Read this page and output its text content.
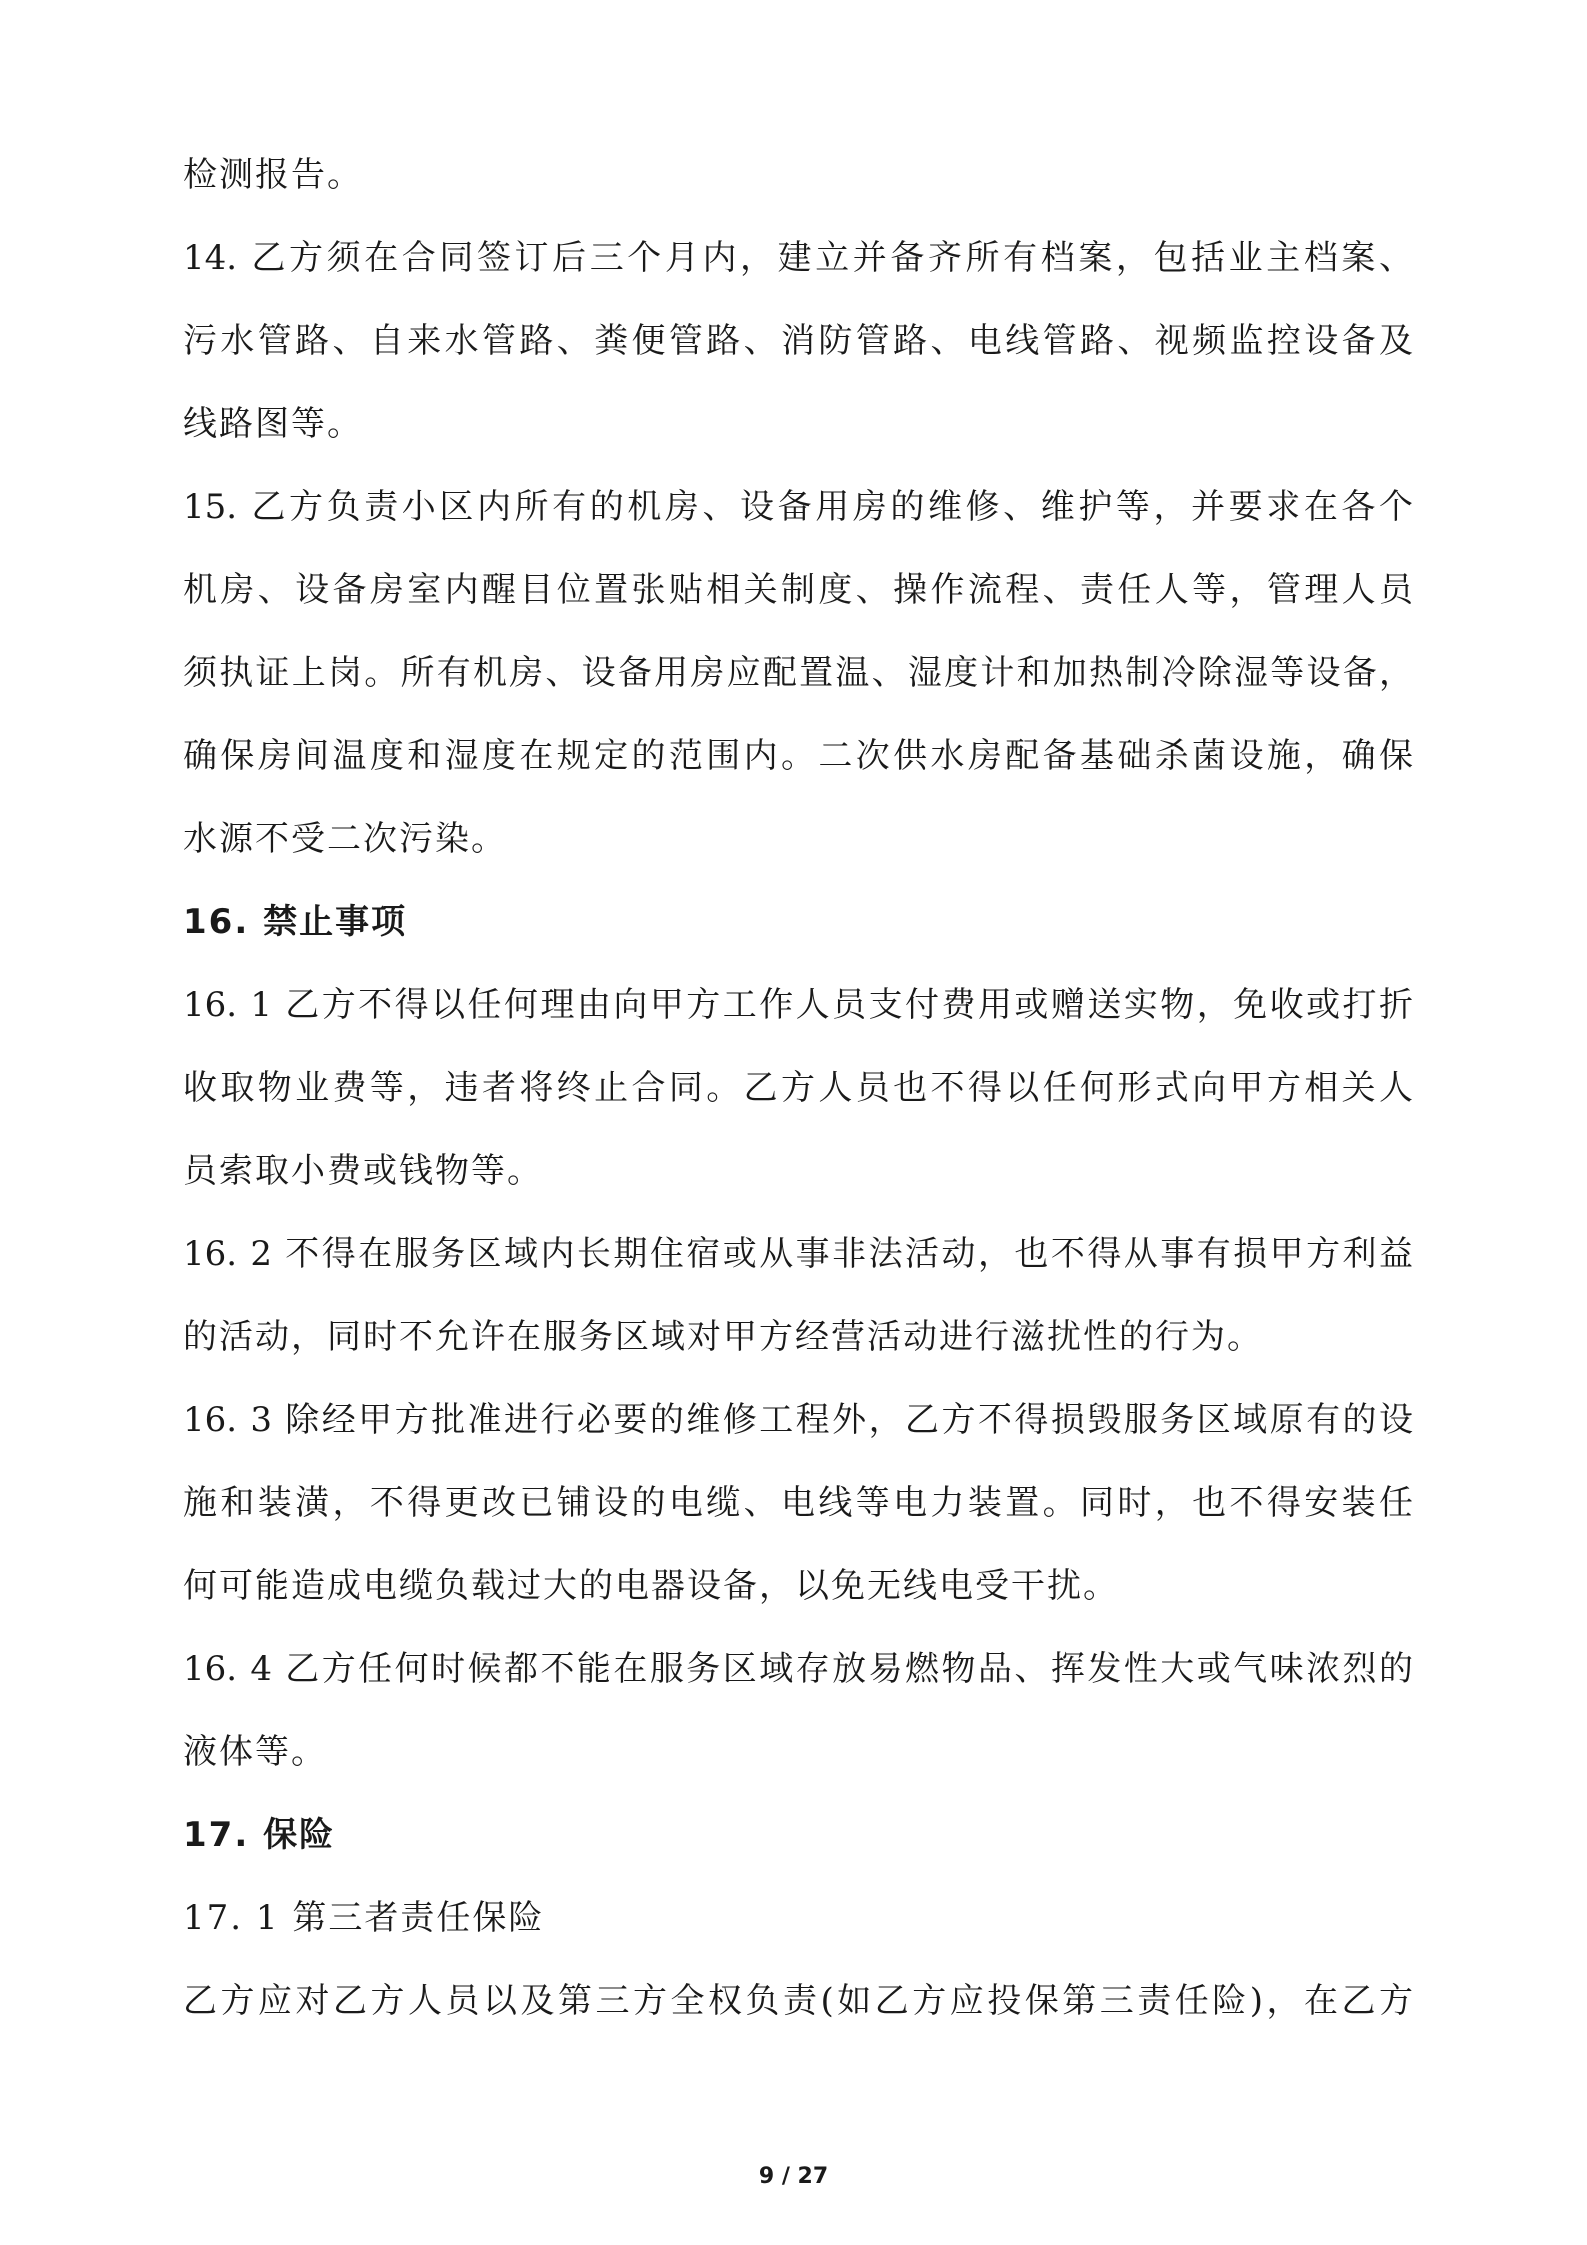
检测报告。
14. 乙方须在合同签订后三个月内，建立并备齐所有档案，包括业主档案、
污水管路、自来水管路、粪便管路、消防管路、电线管路、视频监控设备及
线路图等。
15. 乙方负责小区内所有的机房、设备用房的维修、维护等，并要求在各个
机房、设备房室内醒目位置张贴相关制度、操作流程、责任人等，管理人员
须执证上岗。所有机房、设备用房应配置温、湿度计和加热制冷除湿等设备，
确保房间温度和湿度在规定的范围内。二次供水房配备基础杀菌设施，确保
水源不受二次污染。
16. 禁止事项
16. 1 乙方不得以任何理由向甲方工作人员支付费用或赠送实物，免收或打折
收取物业费等，违者将终止合同。乙方人员也不得以任何形式向甲方相关人
员索取小费或钱物等。
16. 2 不得在服务区域内长期住宿或从事非法活动，也不得从事有损甲方利益
的活动，同时不允许在服务区域对甲方经营活动进行滋扰性的行为。
16. 3 除经甲方批准进行必要的维修工程外，乙方不得损毁服务区域原有的设
施和装潢，不得更改已铺设的电缆、电线等电力装置。同时，也不得安装任
何可能造成电缆负载过大的电器设备，以免无线电受干扰。
16. 4 乙方任何时候都不能在服务区域存放易燃物品、挥发性大或气味浓烈的
液体等。
17. 保险
17. 1 第三者责任保险
乙方应对乙方人员以及第三方全权负责(如乙方应投保第三责任险)，在乙方
9 / 27
